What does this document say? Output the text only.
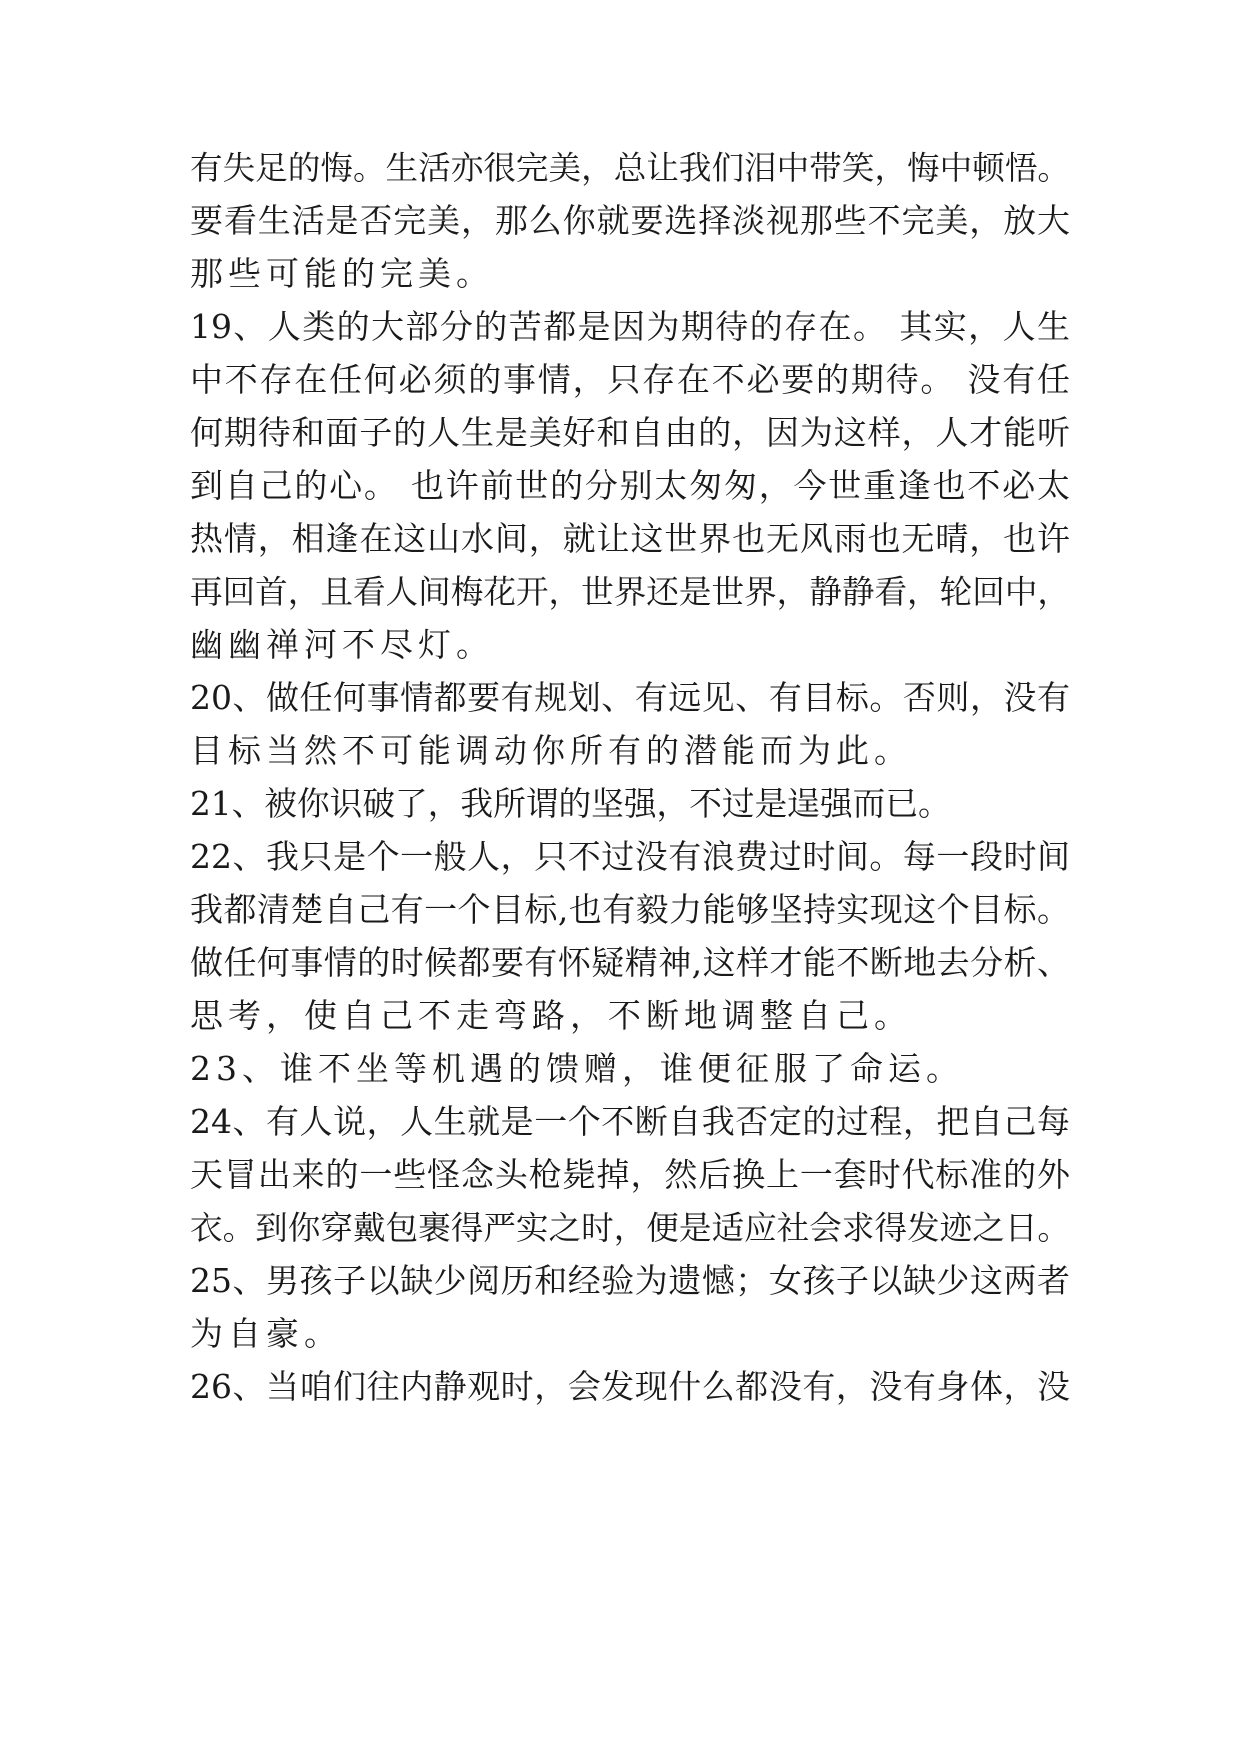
有失足的悔。生活亦很完美，总让我们泪中带笑，悔中顿悟。
要看生活是否完美，那么你就要选择淡视那些不完美，放大
那些可能的完美。
19、人类的大部分的苦都是因为期待的存在。 其实，人生
中不存在任何必须的事情，只存在不必要的期待。 没有任
何期待和面子的人生是美好和自由的，因为这样，人才能听
到自己的心。 也许前世的分别太匆匆，今世重逢也不必太
热情，相逢在这山水间，就让这世界也无风雨也无晴，也许
再回首，且看人间梅花开，世界还是世界，静静看，轮回中，
幽幽禅河不尽灯。
20、做任何事情都要有规划、有远见、有目标。否则，没有
目标当然不可能调动你所有的潜能而为此。
21、被你识破了，我所谓的坚强，不过是逞强而已。
22、我只是个一般人，只不过没有浪费过时间。每一段时间
我都清楚自己有一个目标,也有毅力能够坚持实现这个目标。
做任何事情的时候都要有怀疑精神,这样才能不断地去分析、
思考，使自己不走弯路，不断地调整自己。
23、谁不坐等机遇的馈赠，谁便征服了命运。
24、有人说，人生就是一个不断自我否定的过程，把自己每
天冒出来的一些怪念头枪毙掉，然后换上一套时代标准的外
衣。到你穿戴包裹得严实之时，便是适应社会求得发迹之日。
25、男孩子以缺少阅历和经验为遗憾；女孩子以缺少这两者
为自豪。
26、当咱们往内静观时，会发现什么都没有，没有身体，没
